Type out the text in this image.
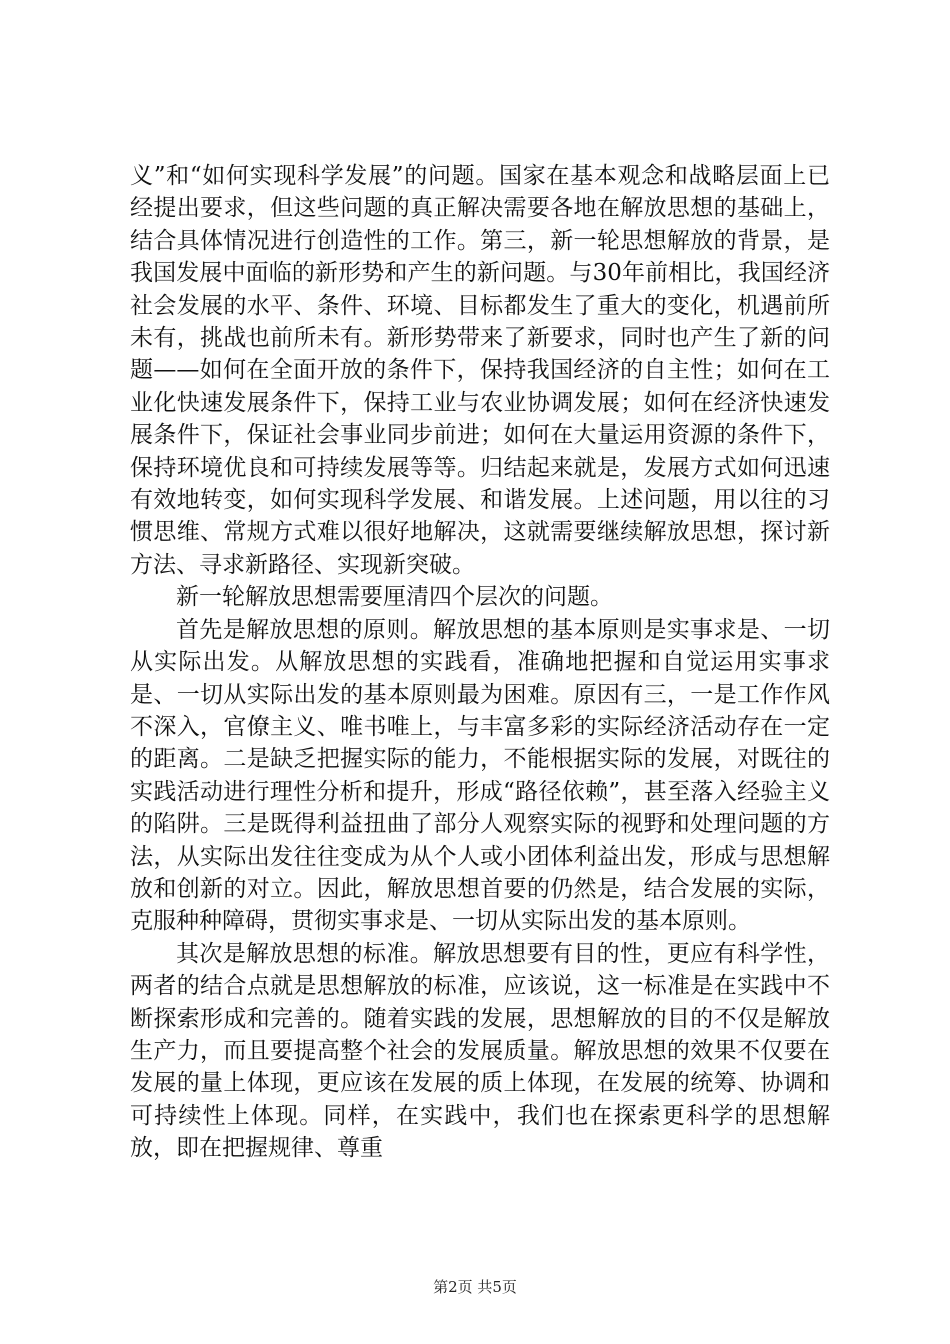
义”和“如何实现科学发展”的问题。国家在基本观念和战略层面上已经提出要求，但这些问题的真正解决需要各地在解放思想的基础上，结合具体情况进行创造性的工作。第三，新一轮思想解放的背景，是我国发展中面临的新形势和产生的新问题。与30年前相比，我国经济社会发展的水平、条件、环境、目标都发生了重大的变化，机遇前所未有，挑战也前所未有。新形势带来了新要求，同时也产生了新的问题——如何在全面开放的条件下，保持我国经济的自主性；如何在工业化快速发展条件下，保持工业与农业协调发展；如何在经济快速发展条件下，保证社会事业同步前进；如何在大量运用资源的条件下，保持环境优良和可持续发展等等。归结起来就是，发展方式如何迅速有效地转变，如何实现科学发展、和谐发展。上述问题，用以往的习惯思维、常规方式难以很好地解决，这就需要继续解放思想，探讨新方法、寻求新路径、实现新突破。

新一轮解放思想需要厘清四个层次的问题。

首先是解放思想的原则。解放思想的基本原则是实事求是、一切从实际出发。从解放思想的实践看，准确地把握和自觉运用实事求是、一切从实际出发的基本原则最为困难。原因有三，一是工作作风不深入，官僚主义、唯书唯上，与丰富多彩的实际经济活动存在一定的距离。二是缺乏把握实际的能力，不能根据实际的发展，对既往的实践活动进行理性分析和提升，形成“路径依赖”，甚至落入经验主义的陷阱。三是既得利益扭曲了部分人观察实际的视野和处理问题的方法，从实际出发往往变成为从个人或小团体利益出发，形成与思想解放和创新的对立。因此，解放思想首要的仍然是，结合发展的实际，克服种种障碍，贯彻实事求是、一切从实际出发的基本原则。

其次是解放思想的标准。解放思想要有目的性，更应有科学性，两者的结合点就是思想解放的标准，应该说，这一标准是在实践中不断探索形成和完善的。随着实践的发展，思想解放的目的不仅是解放生产力，而且要提高整个社会的发展质量。解放思想的效果不仅要在发展的量上体现，更应该在发展的质上体现，在发展的统筹、协调和可持续性上体现。同样，在实践中，我们也在探索更科学的思想解放，即在把握规律、尊重

第2页 共5页
